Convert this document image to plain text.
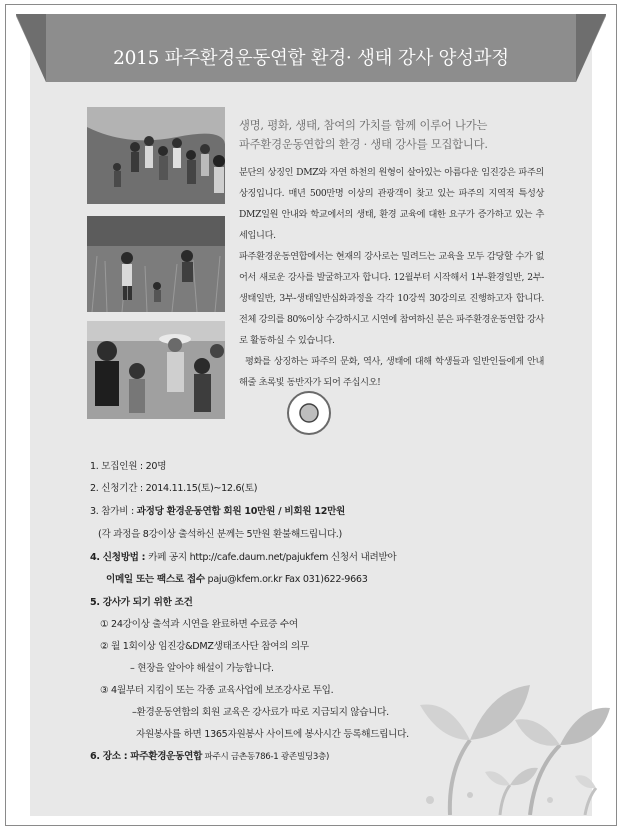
2015 파주환경운동연합 환경· 생태 강사 양성과정
생명, 평화, 생태, 참여의 가치를 함께 이루어 나가는
파주환경운동연합의 환경 · 생태 강사를 모집합니다.

분단의 상징인 DMZ와 자연 하천의 원형이 살아있는 아름다운 임진강은 파주의 상징입니다. 매년 500만명 이상의 관광객이 찾고 있는 파주의 지역적 특성상 DMZ일원 안내와 학교에서의 생태, 환경 교육에 대한 요구가 증가하고 있는 추세입니다.

파주환경운동연합에서는 현재의 강사로는 밀려드는 교육을 모두 감당할 수가 없어서 새로운 강사를 발굴하고자 합니다. 12월부터 시작해서 1부-환경일반, 2부-생태일반, 3부-생태일반심화과정을 각각 10강씩 30강의로 진행하고자 합니다. 전체 강의를 80%이상 수강하시고 시연에 참여하신 분은 파주환경운동연합 강사로 활동하실 수 있습니다.

평화를 상징하는 파주의 문화, 역사, 생태에 대해 학생들과 일반인들에게 안내해줄 초록빛 동반자가 되어 주십시오!

1. 모집인원 : 20명
2. 신청기간 : 2014.11.15(토)~12.6(토)
3. 참가비 : 과정당 환경운동연합 회원 10만원 / 비회원 12만원
(각 과정을 8강이상 출석하신 분께는 5만원 환불해드립니다.)
4. 신청방법 : 카페 공지 http://cafe.daum.net/pajukfem 신청서 내려받아
이메일 또는 팩스로 접수 paju@kfem.or.kr Fax 031)622-9663
5. 강사가 되기 위한 조건
① 24강이상 출석과 시연을 완료하면 수료증 수여
② 월 1회이상 임진강&DMZ생태조사단 참여의 의무
– 현장을 알아야 해설이 가능합니다.
③ 4월부터 지킴이 또는 각종 교육사업에 보조강사로 투입.
–환경운동연합의 회원 교육은 강사료가 따로 지급되지 않습니다.
자원봉사를 하면 1365자원봉사 사이트에 봉사시간 등록해드립니다.
6. 장소 : 파주환경운동연합 파주시 금촌동786-1 광존빌딩3층)
